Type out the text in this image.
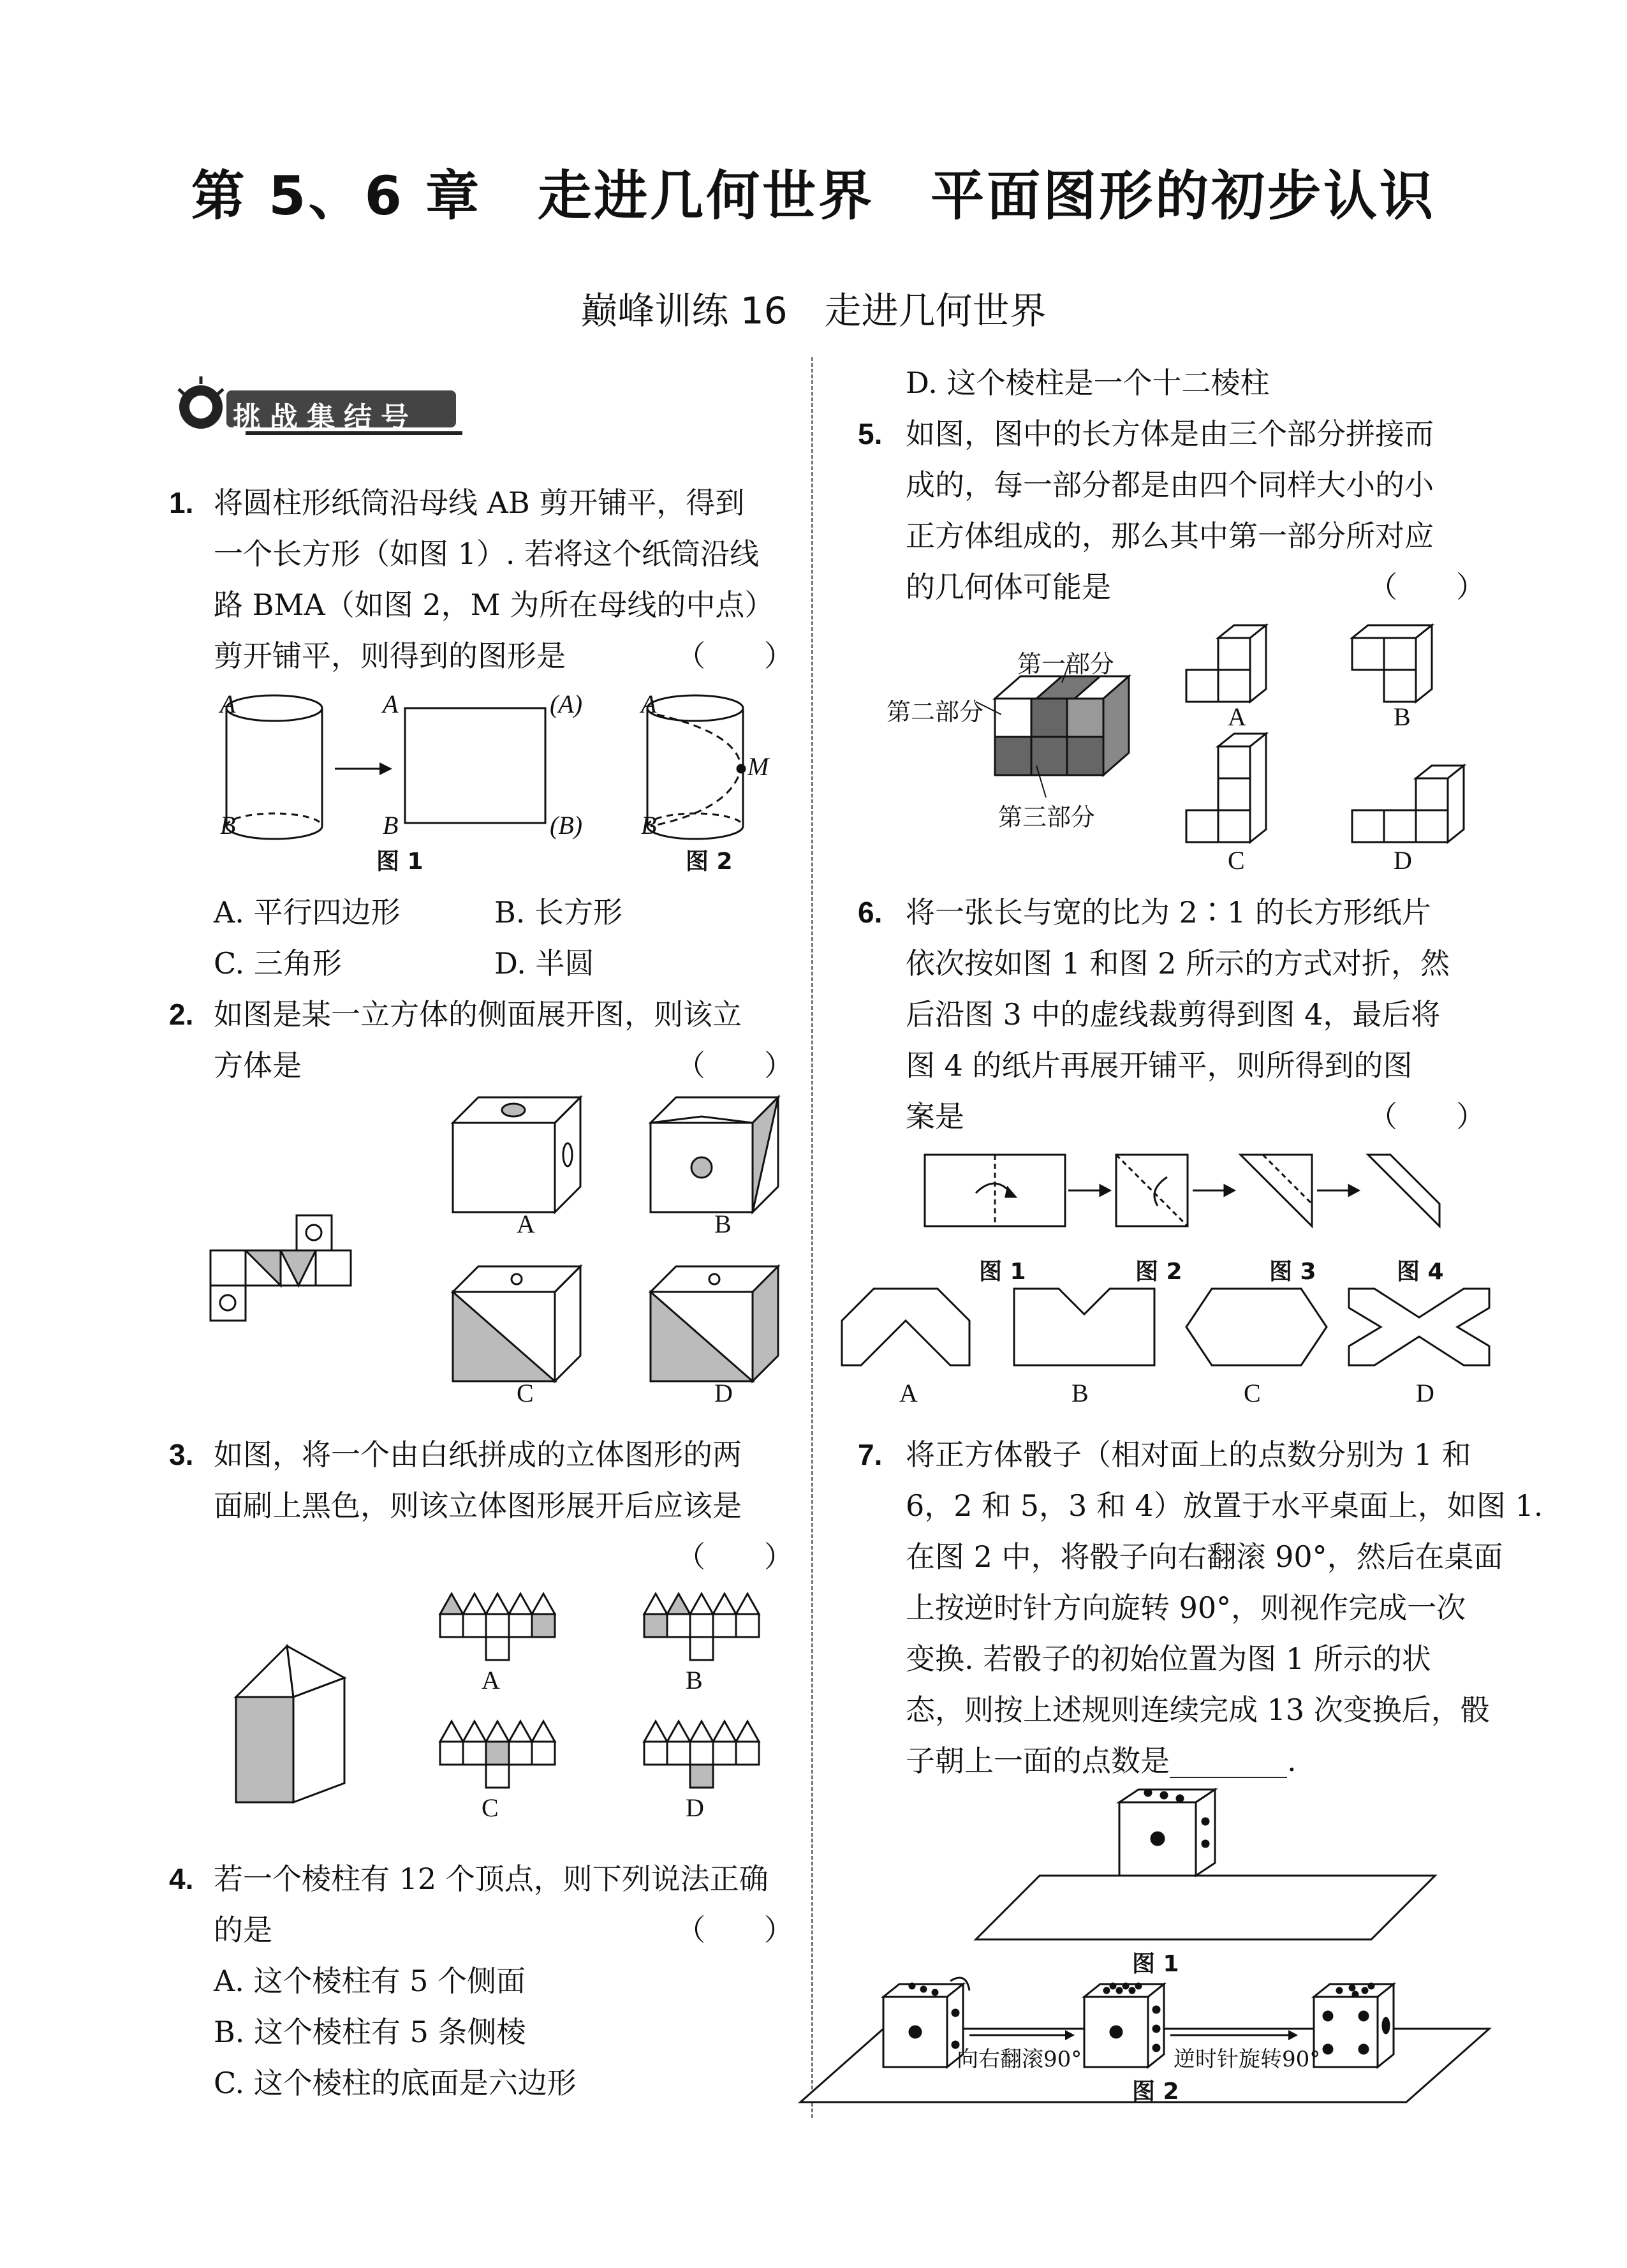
第 5、6 章　走进几何世界　平面图形的初步认识
巅峰训练 16　走进几何世界
挑战集结号
1. 将圆柱形纸筒沿母线 AB 剪开铺平，得到
一个长方形（如图 1）. 若将这个纸筒沿线
路 BMA（如图 2，M 为所在母线的中点）
剪开铺平，则得到的图形是	（　　）
A
B
A
B
(A)
(B)
A
B
M
图 1	图 2
A. 平行四边形	B. 长方形
C. 三角形	D. 半圆
2. 如图是某一立方体的侧面展开图，则该立
方体是	（　　）
A	B
C	D
3. 如图，将一个由白纸拼成的立体图形的两
面刷上黑色，则该立体图形展开后应该是
（　　）
A	B
C	D
4. 若一个棱柱有 12 个顶点，则下列说法正确
的是	（　　）
A. 这个棱柱有 5 个侧面
B. 这个棱柱有 5 条侧棱
C. 这个棱柱的底面是六边形
D. 这个棱柱是一个十二棱柱
5. 如图，图中的长方体是由三个部分拼接而
成的，每一部分都是由四个同样大小的小
正方体组成的，那么其中第一部分所对应
的几何体可能是	（　　）
第一部分
第二部分
第三部分
A	B
C	D
6. 将一张长与宽的比为 2∶1 的长方形纸片
依次按如图 1 和图 2 所示的方式对折，然
后沿图 3 中的虚线裁剪得到图 4，最后将
图 4 的纸片再展开铺平，则所得到的图
案是	（　　）
图 1	图 2	图 3	图 4
A	B	C	D
7. 将正方体骰子（相对面上的点数分别为 1 和
6，2 和 5，3 和 4）放置于水平桌面上，如图 1.
在图 2 中，将骰子向右翻滚 90°，然后在桌面
上按逆时针方向旋转 90°，则视作完成一次
变换. 若骰子的初始位置为图 1 所示的状
态，则按上述规则连续完成 13 次变换后，骰
子朝上一面的点数是________.
图 1
向右翻滚90°	逆时针旋转90°
图 2
